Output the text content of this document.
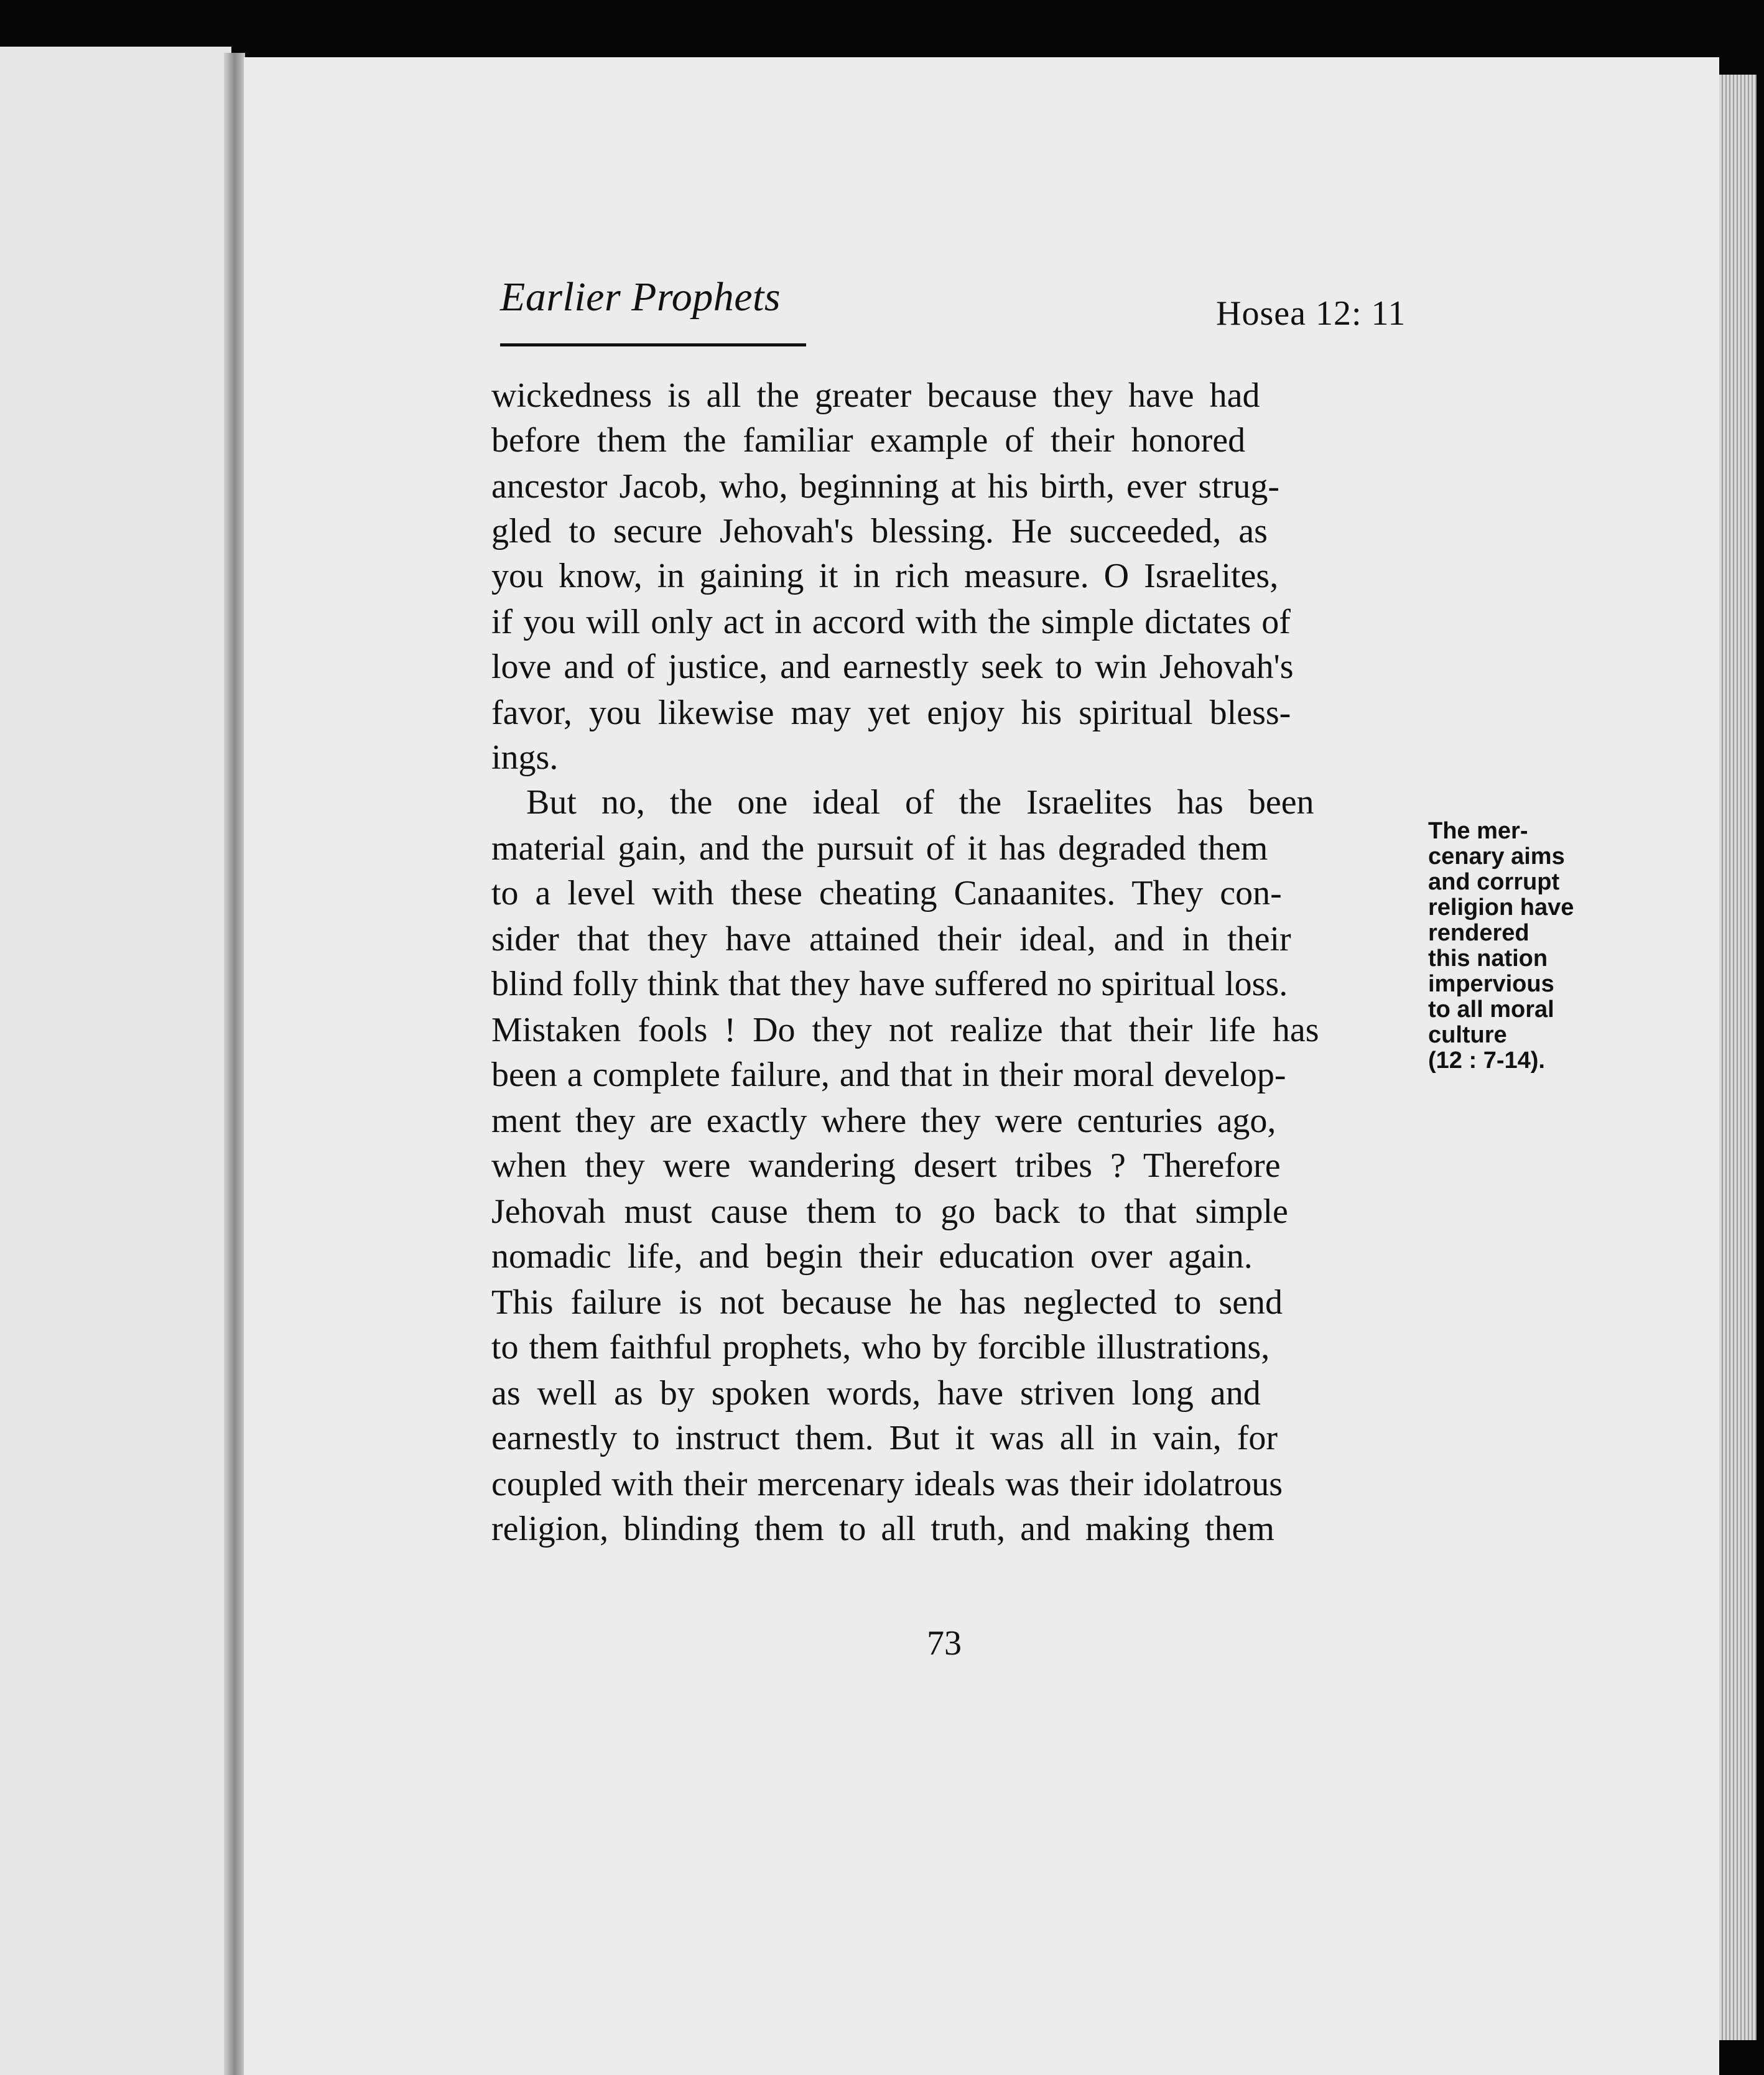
Earlier Prophets	Hosea 12: 11
wickedness is all the greater because they have had
before them the familiar example of their honored
ancestor Jacob, who, beginning at his birth, ever strug-
gled to secure Jehovah's blessing. He succeeded, as
you know, in gaining it in rich measure. O Israelites,
if you will only act in accord with the simple dictates of
love and of justice, and earnestly seek to win Jehovah's
favor, you likewise may yet enjoy his spiritual bless-
ings.
But no, the one ideal of the Israelites has been
material gain, and the pursuit of it has degraded them
to a level with these cheating Canaanites. They con-
sider that they have attained their ideal, and in their
blind folly think that they have suffered no spiritual loss.
Mistaken fools ! Do they not realize that their life has
been a complete failure, and that in their moral develop-
ment they are exactly where they were centuries ago,
when they were wandering desert tribes ? Therefore
Jehovah must cause them to go back to that simple
nomadic life, and begin their education over again.
This failure is not because he has neglected to send
to them faithful prophets, who by forcible illustrations,
as well as by spoken words, have striven long and
earnestly to instruct them. But it was all in vain, for
coupled with their mercenary ideals was their idolatrous
religion, blinding them to all truth, and making them
The mer-
cenary aims
and corrupt
religion have
rendered
this nation
impervious
to all moral
culture
(12 : 7-14).
73
